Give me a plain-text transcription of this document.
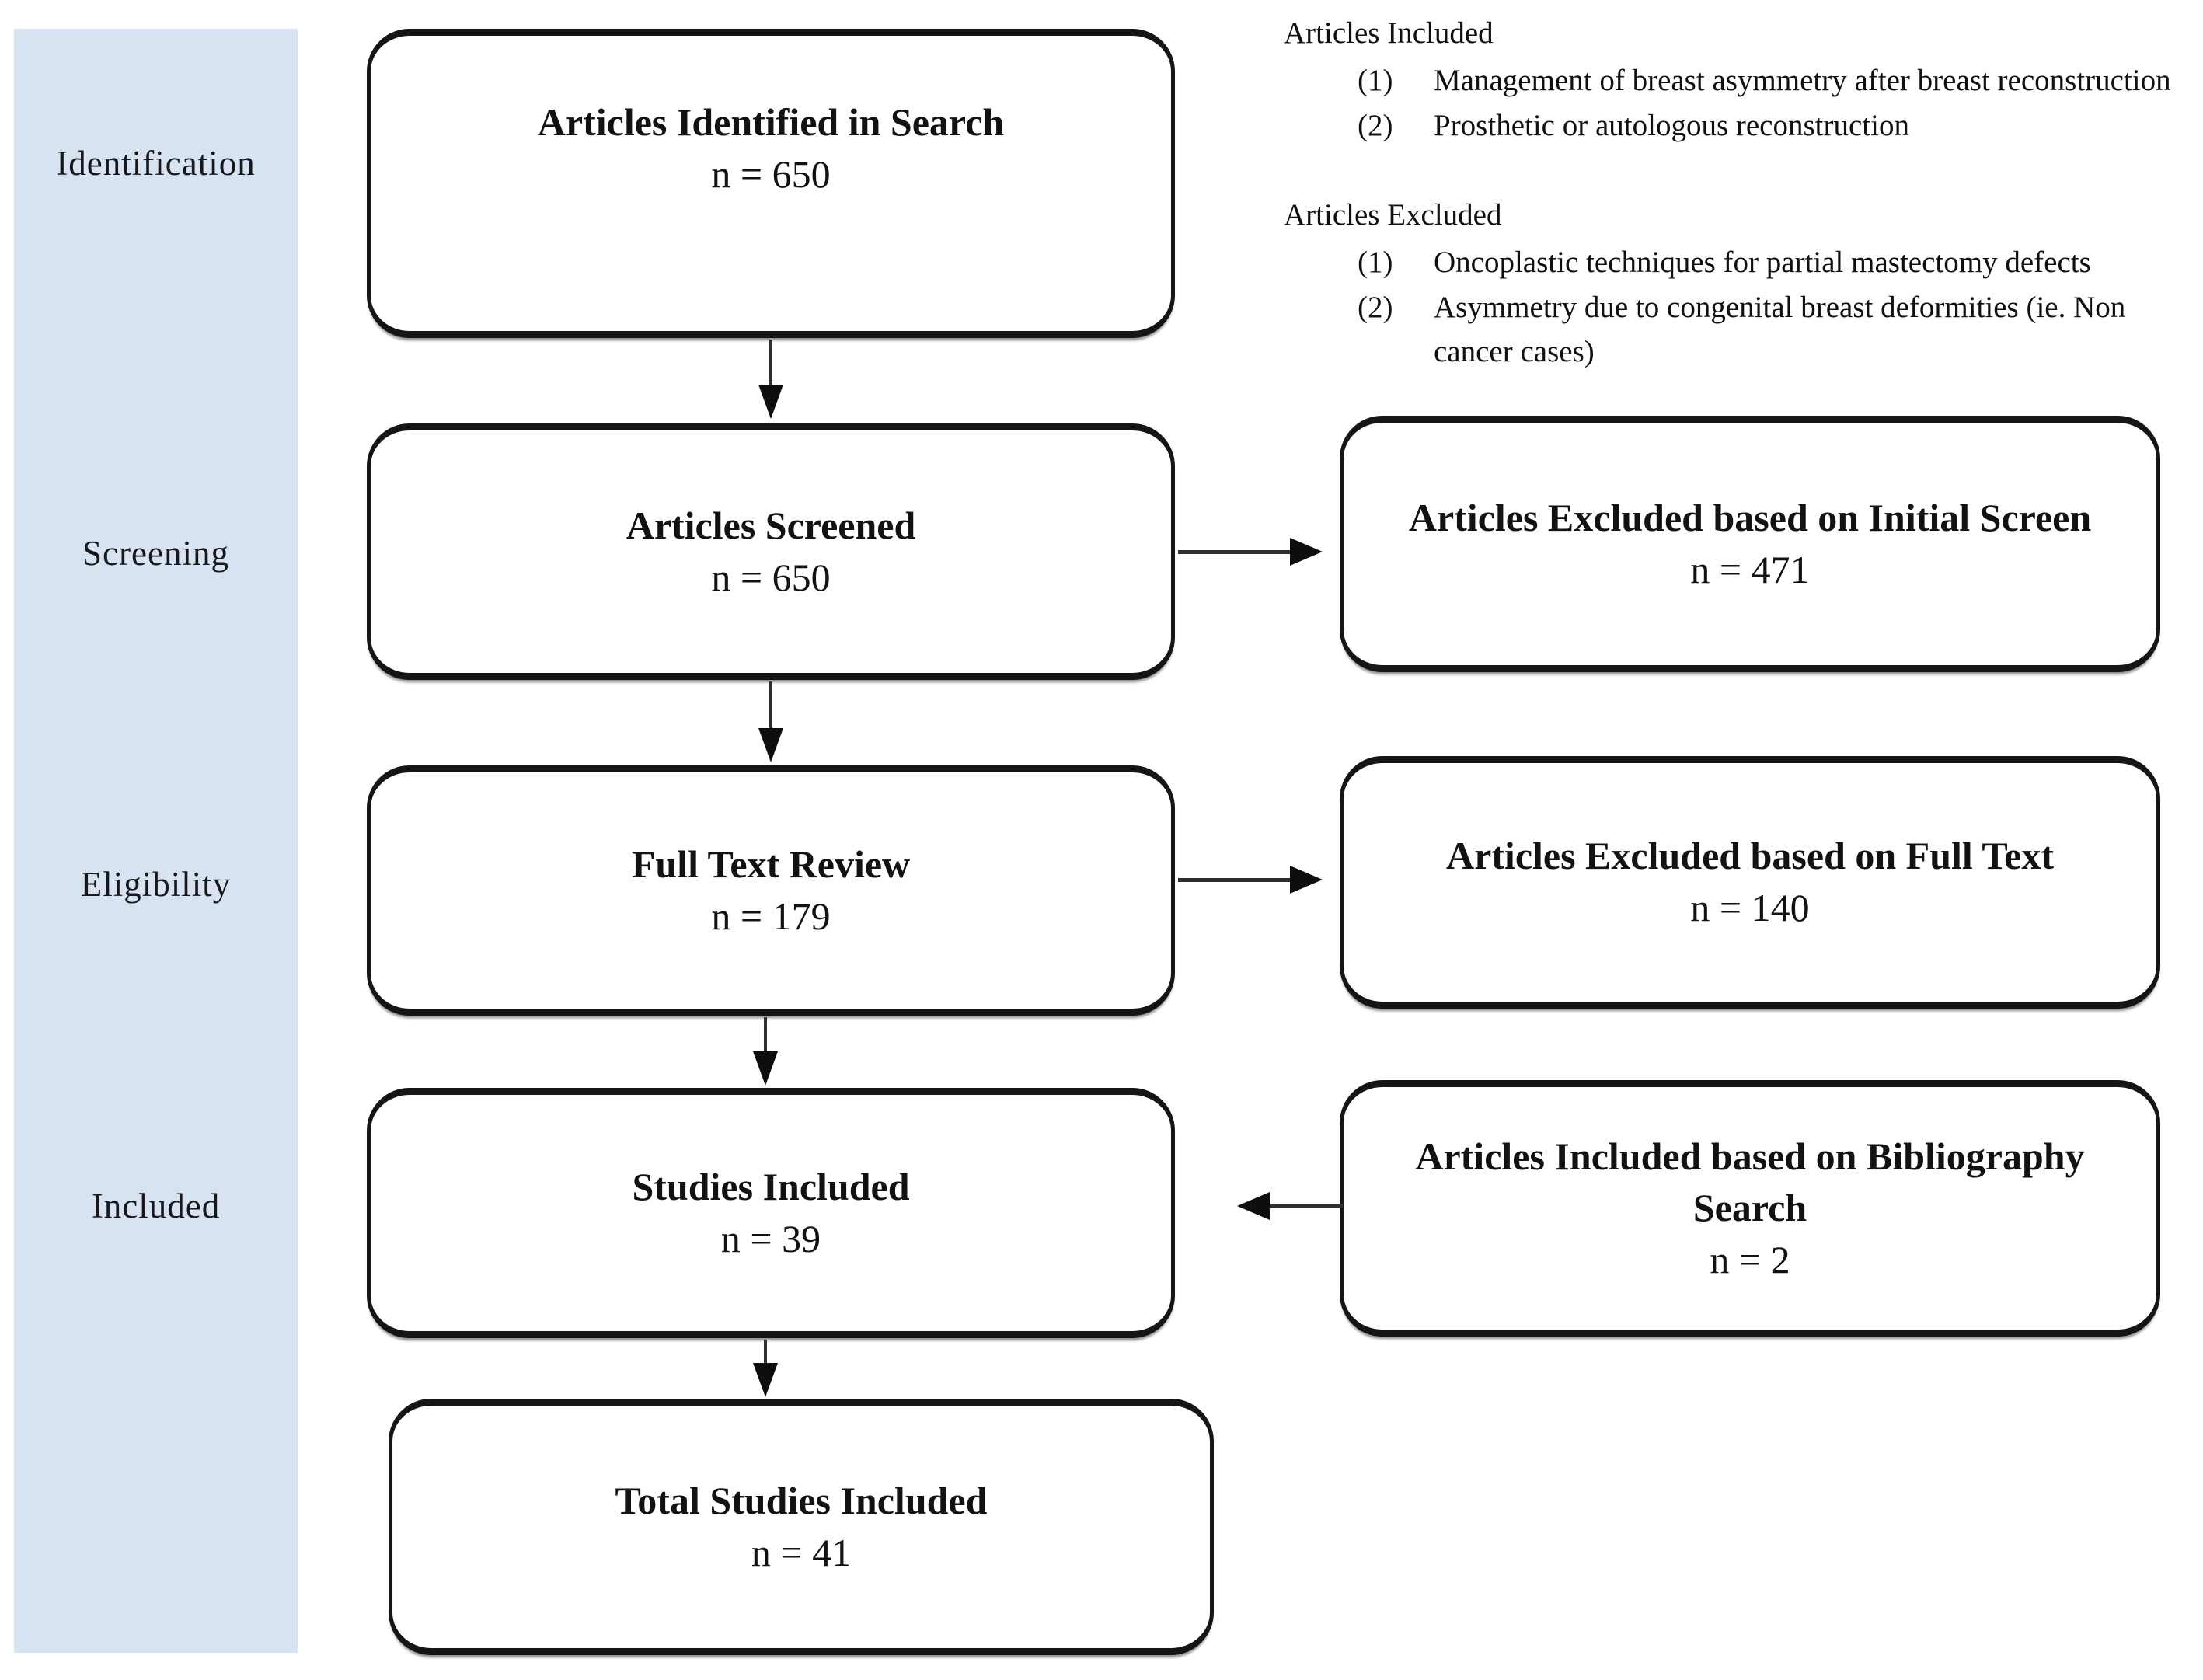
Identification
Screening
Eligibility
Included
Articles Identified in Search
n = 650
Articles Screened
n = 650
Full Text Review
n = 179
Studies Included
n = 39
Total Studies Included
n = 41
Articles Excluded based on Initial Screen
n = 471
Articles Excluded based on Full Text
n = 140
Articles Included based on Bibliography Search
n = 2
Articles Included
(1)	Management of breast asymmetry after breast reconstruction
(2)	Prosthetic or autologous reconstruction
Articles Excluded
(1)	Oncoplastic techniques for partial mastectomy defects
(2)	Asymmetry due to congenital breast deformities (ie. Non cancer cases)
